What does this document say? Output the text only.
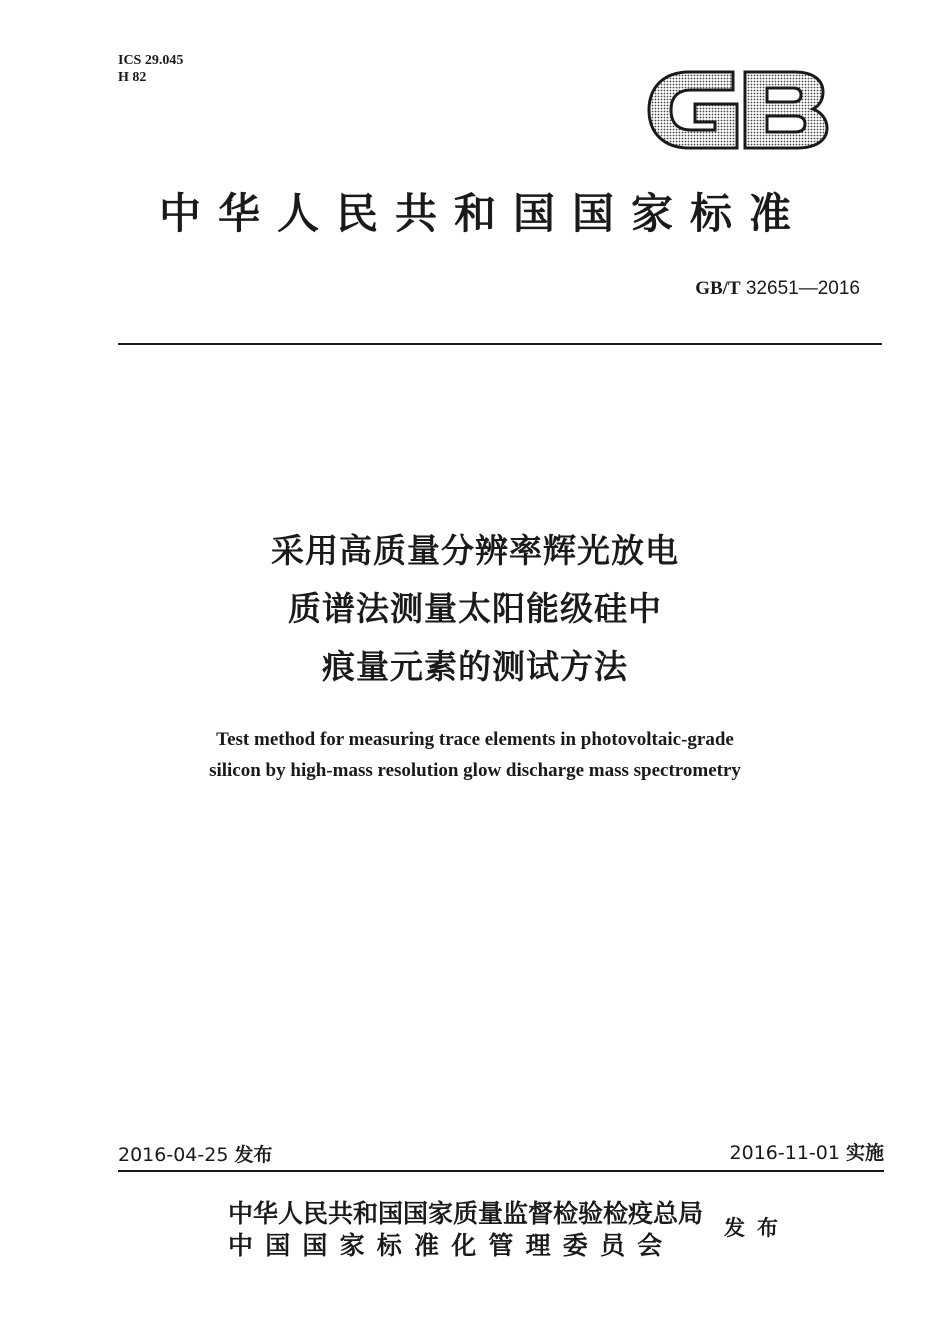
ICS 29.045
H 82
中华人民共和国国家标准
GB/T 32651—2016
采用高质量分辨率辉光放电
质谱法测量太阳能级硅中
痕量元素的测试方法
Test method for measuring trace elements in photovoltaic-grade
silicon by high-mass resolution glow discharge mass spectrometry
2016-04-25 发布	2016-11-01 实施
中华人民共和国国家质量监督检验检疫总局
中国国家标准化管理委员会
发布
